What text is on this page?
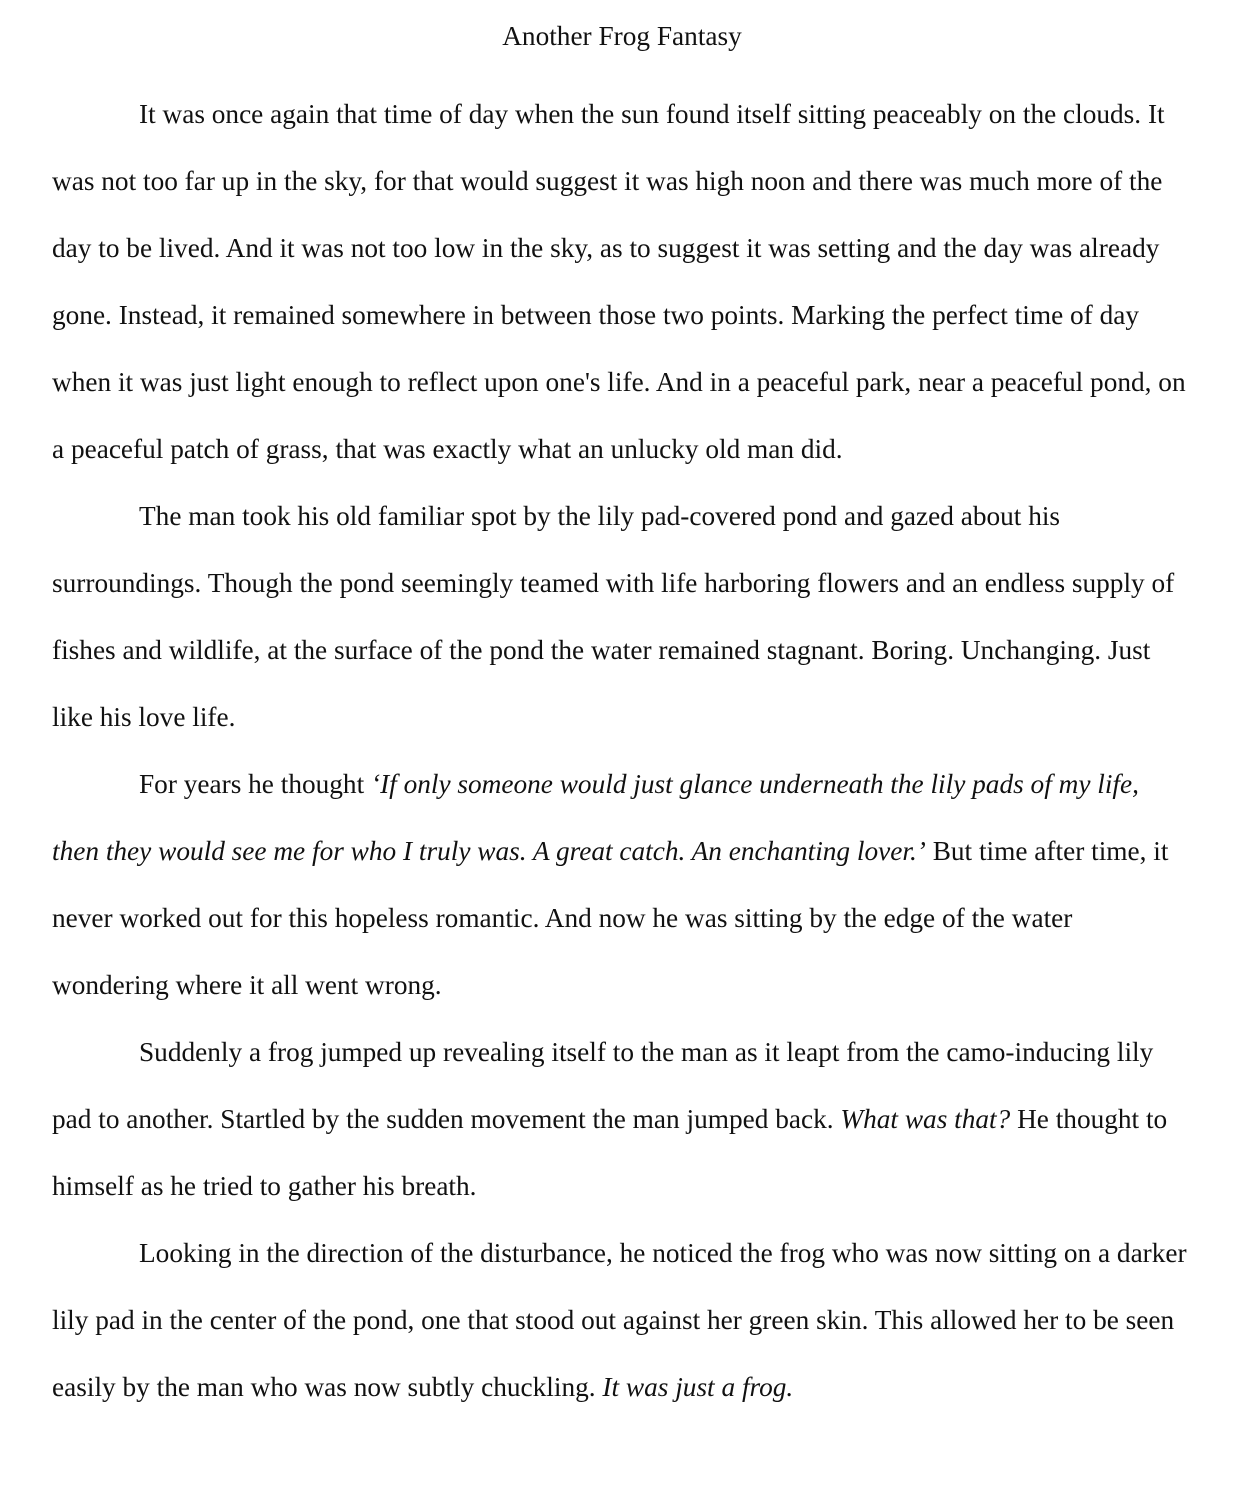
Another Frog Fantasy

It was once again that time of day when the sun found itself sitting peaceably on the clouds. It was not too far up in the sky, for that would suggest it was high noon and there was much more of the day to be lived. And it was not too low in the sky, as to suggest it was setting and the day was already gone. Instead, it remained somewhere in between those two points. Marking the perfect time of day when it was just light enough to reflect upon one's life. And in a peaceful park, near a peaceful pond, on a peaceful patch of grass, that was exactly what an unlucky old man did.

The man took his old familiar spot by the lily pad-covered pond and gazed about his surroundings. Though the pond seemingly teamed with life harboring flowers and an endless supply of fishes and wildlife, at the surface of the pond the water remained stagnant. Boring. Unchanging. Just like his love life.

For years he thought ‘If only someone would just glance underneath the lily pads of my life, then they would see me for who I truly was. A great catch. An enchanting lover.’ But time after time, it never worked out for this hopeless romantic. And now he was sitting by the edge of the water wondering where it all went wrong.

Suddenly a frog jumped up revealing itself to the man as it leapt from the camo-inducing lily pad to another. Startled by the sudden movement the man jumped back. What was that? He thought to himself as he tried to gather his breath.

Looking in the direction of the disturbance, he noticed the frog who was now sitting on a darker lily pad in the center of the pond, one that stood out against her green skin. This allowed her to be seen easily by the man who was now subtly chuckling. It was just a frog.
